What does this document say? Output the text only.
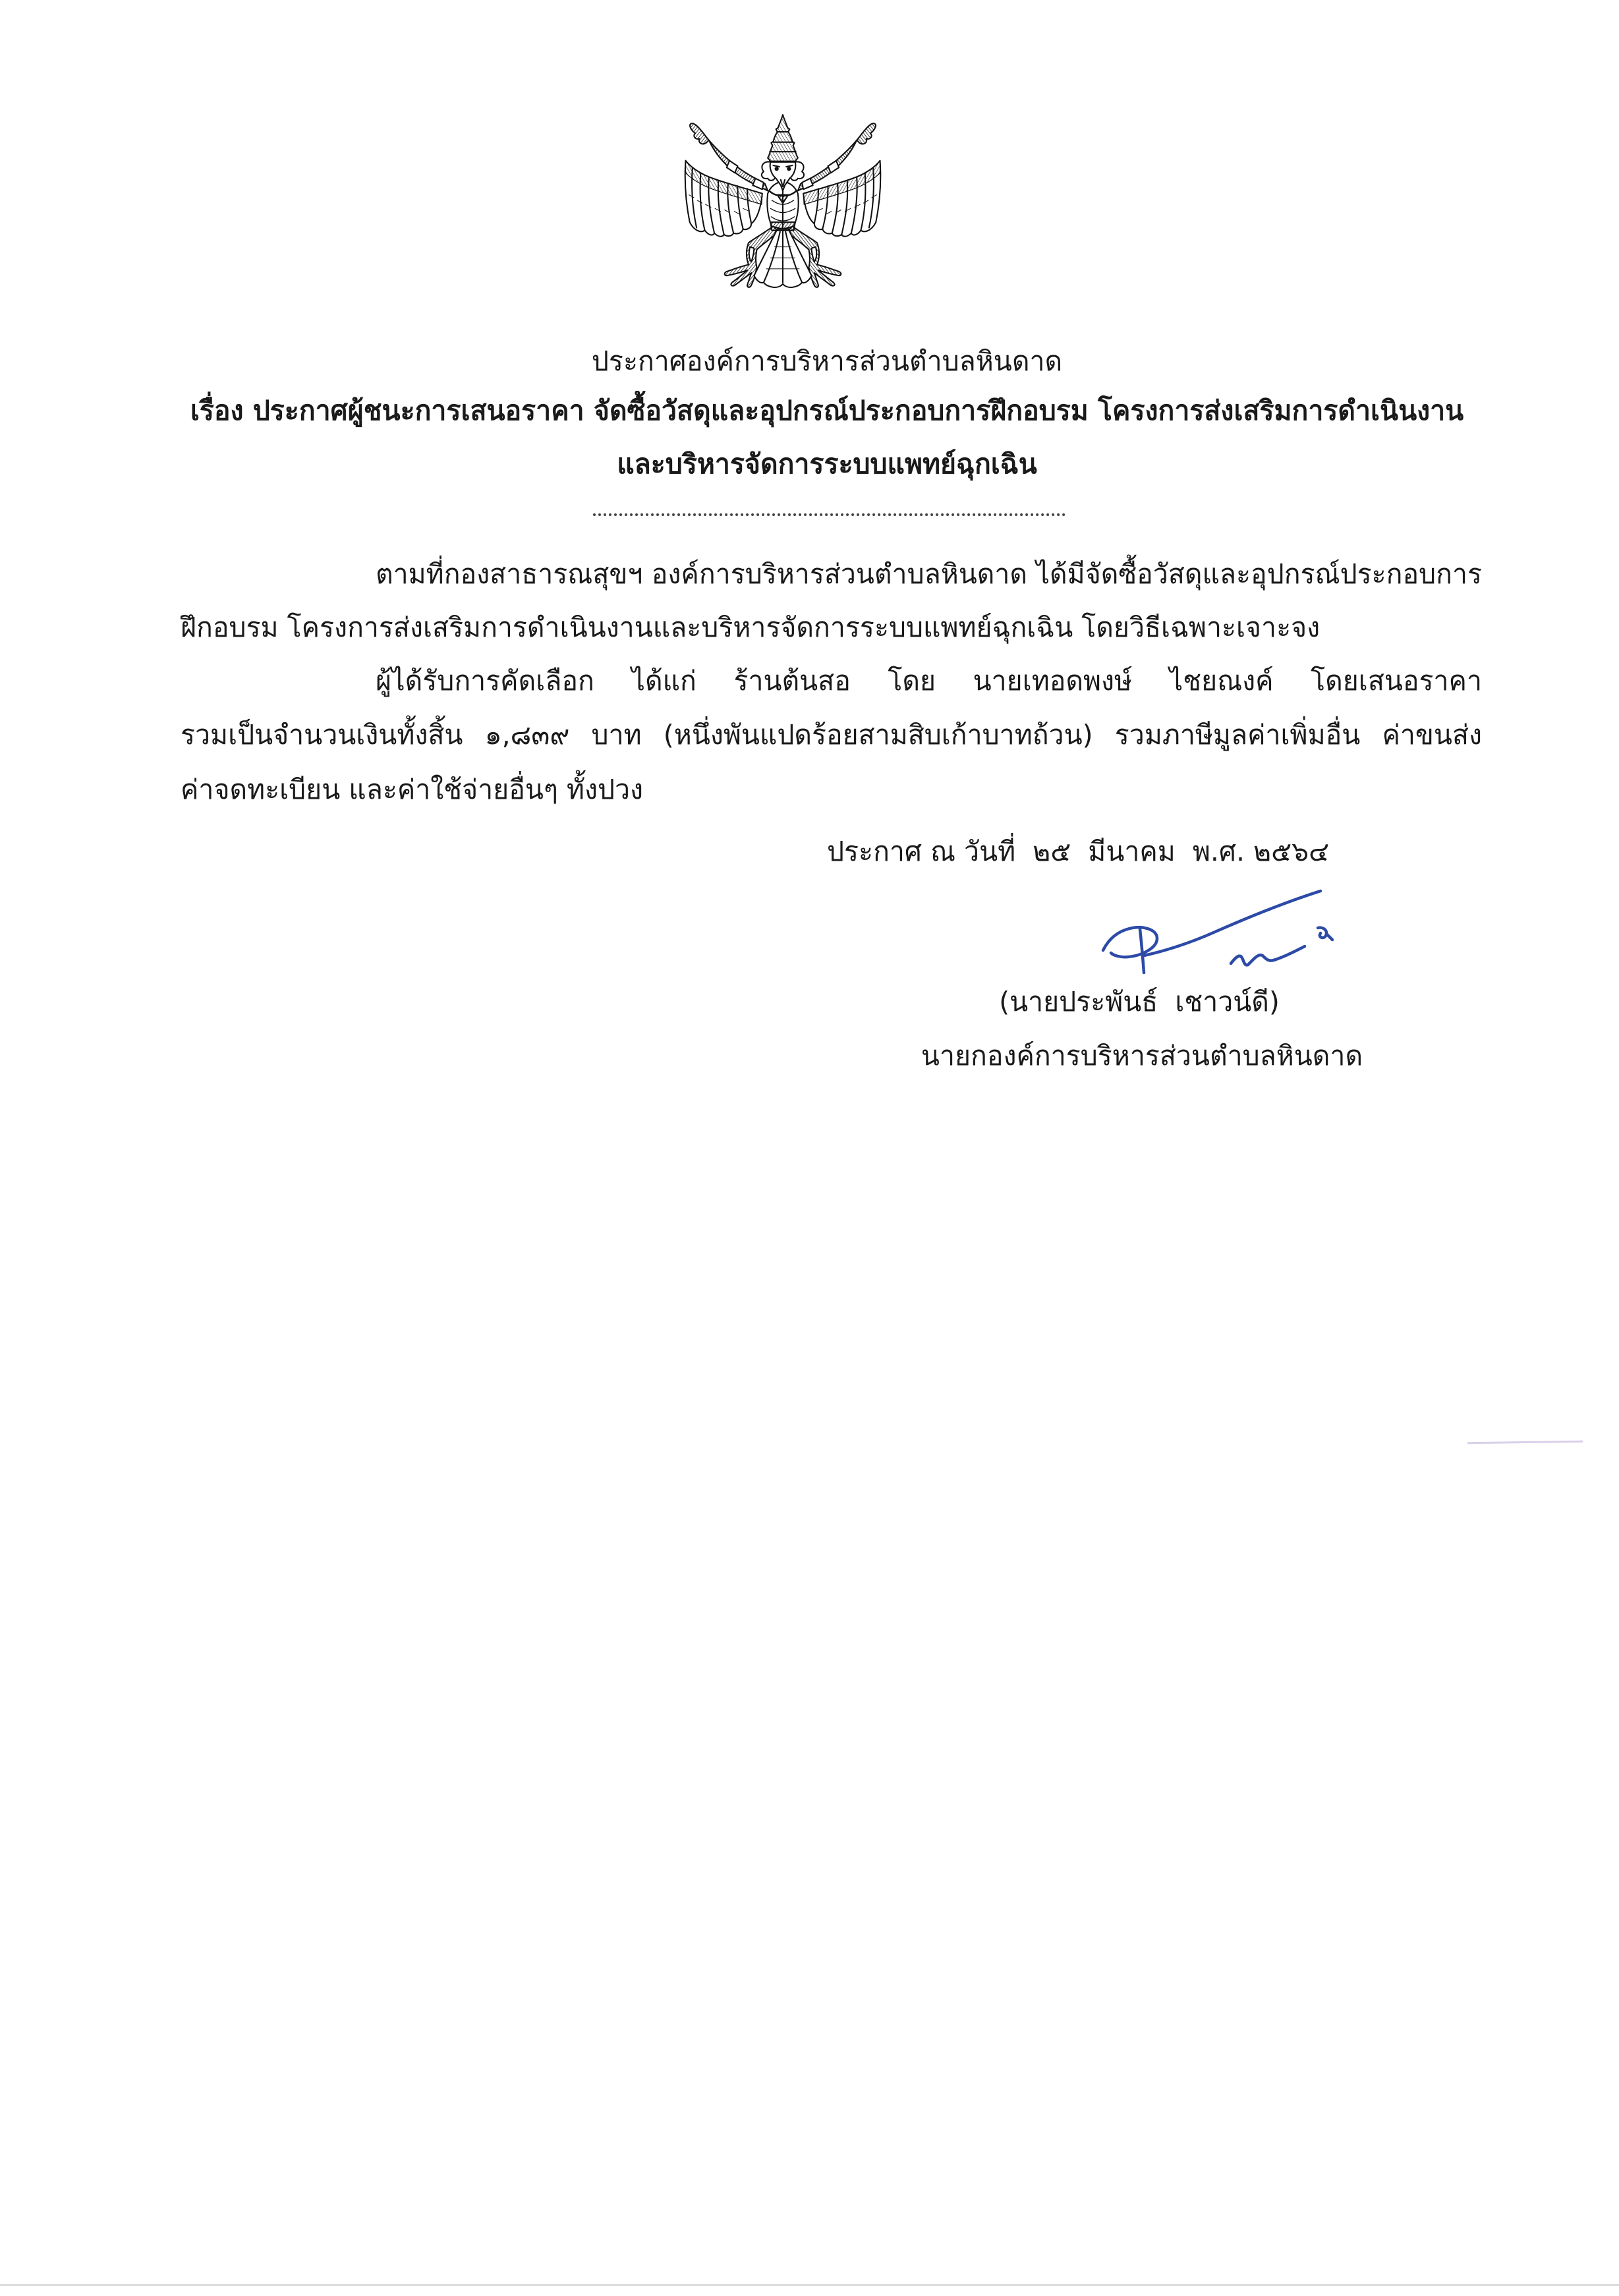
ประกาศองค์การบริหารส่วนตำบลหินดาด
เรื่อง ประกาศผู้ชนะการเสนอราคา จัดซื้อวัสดุและอุปกรณ์ประกอบการฝึกอบรม โครงการส่งเสริมการดำเนินงาน
และบริหารจัดการระบบแพทย์ฉุกเฉิน
ตามที่กองสาธารณสุขฯ องค์การบริหารส่วนตำบลหินดาด ได้มีจัดซื้อวัสดุและอุปกรณ์ประกอบการ
ฝึกอบรม โครงการส่งเสริมการดำเนินงานและบริหารจัดการระบบแพทย์ฉุกเฉิน โดยวิธีเฉพาะเจาะจง
ผู้ได้รับการคัดเลือก ได้แก่ ร้านต้นสอ โดย นายเทอดพงษ์ ไชยณงค์ โดยเสนอราคา
รวมเป็นจำนวนเงินทั้งสิ้น ๑,๘๓๙ บาท (หนึ่งพันแปดร้อยสามสิบเก้าบาทถ้วน) รวมภาษีมูลค่าเพิ่มอื่น ค่าขนส่ง
ค่าจดทะเบียน และค่าใช้จ่ายอื่นๆ ทั้งปวง
ประกาศ ณ วันที่  ๒๕  มีนาคม  พ.ศ. ๒๕๖๔
(นายประพันธ์  เชาวน์ดี)
นายกองค์การบริหารส่วนตำบลหินดาด
